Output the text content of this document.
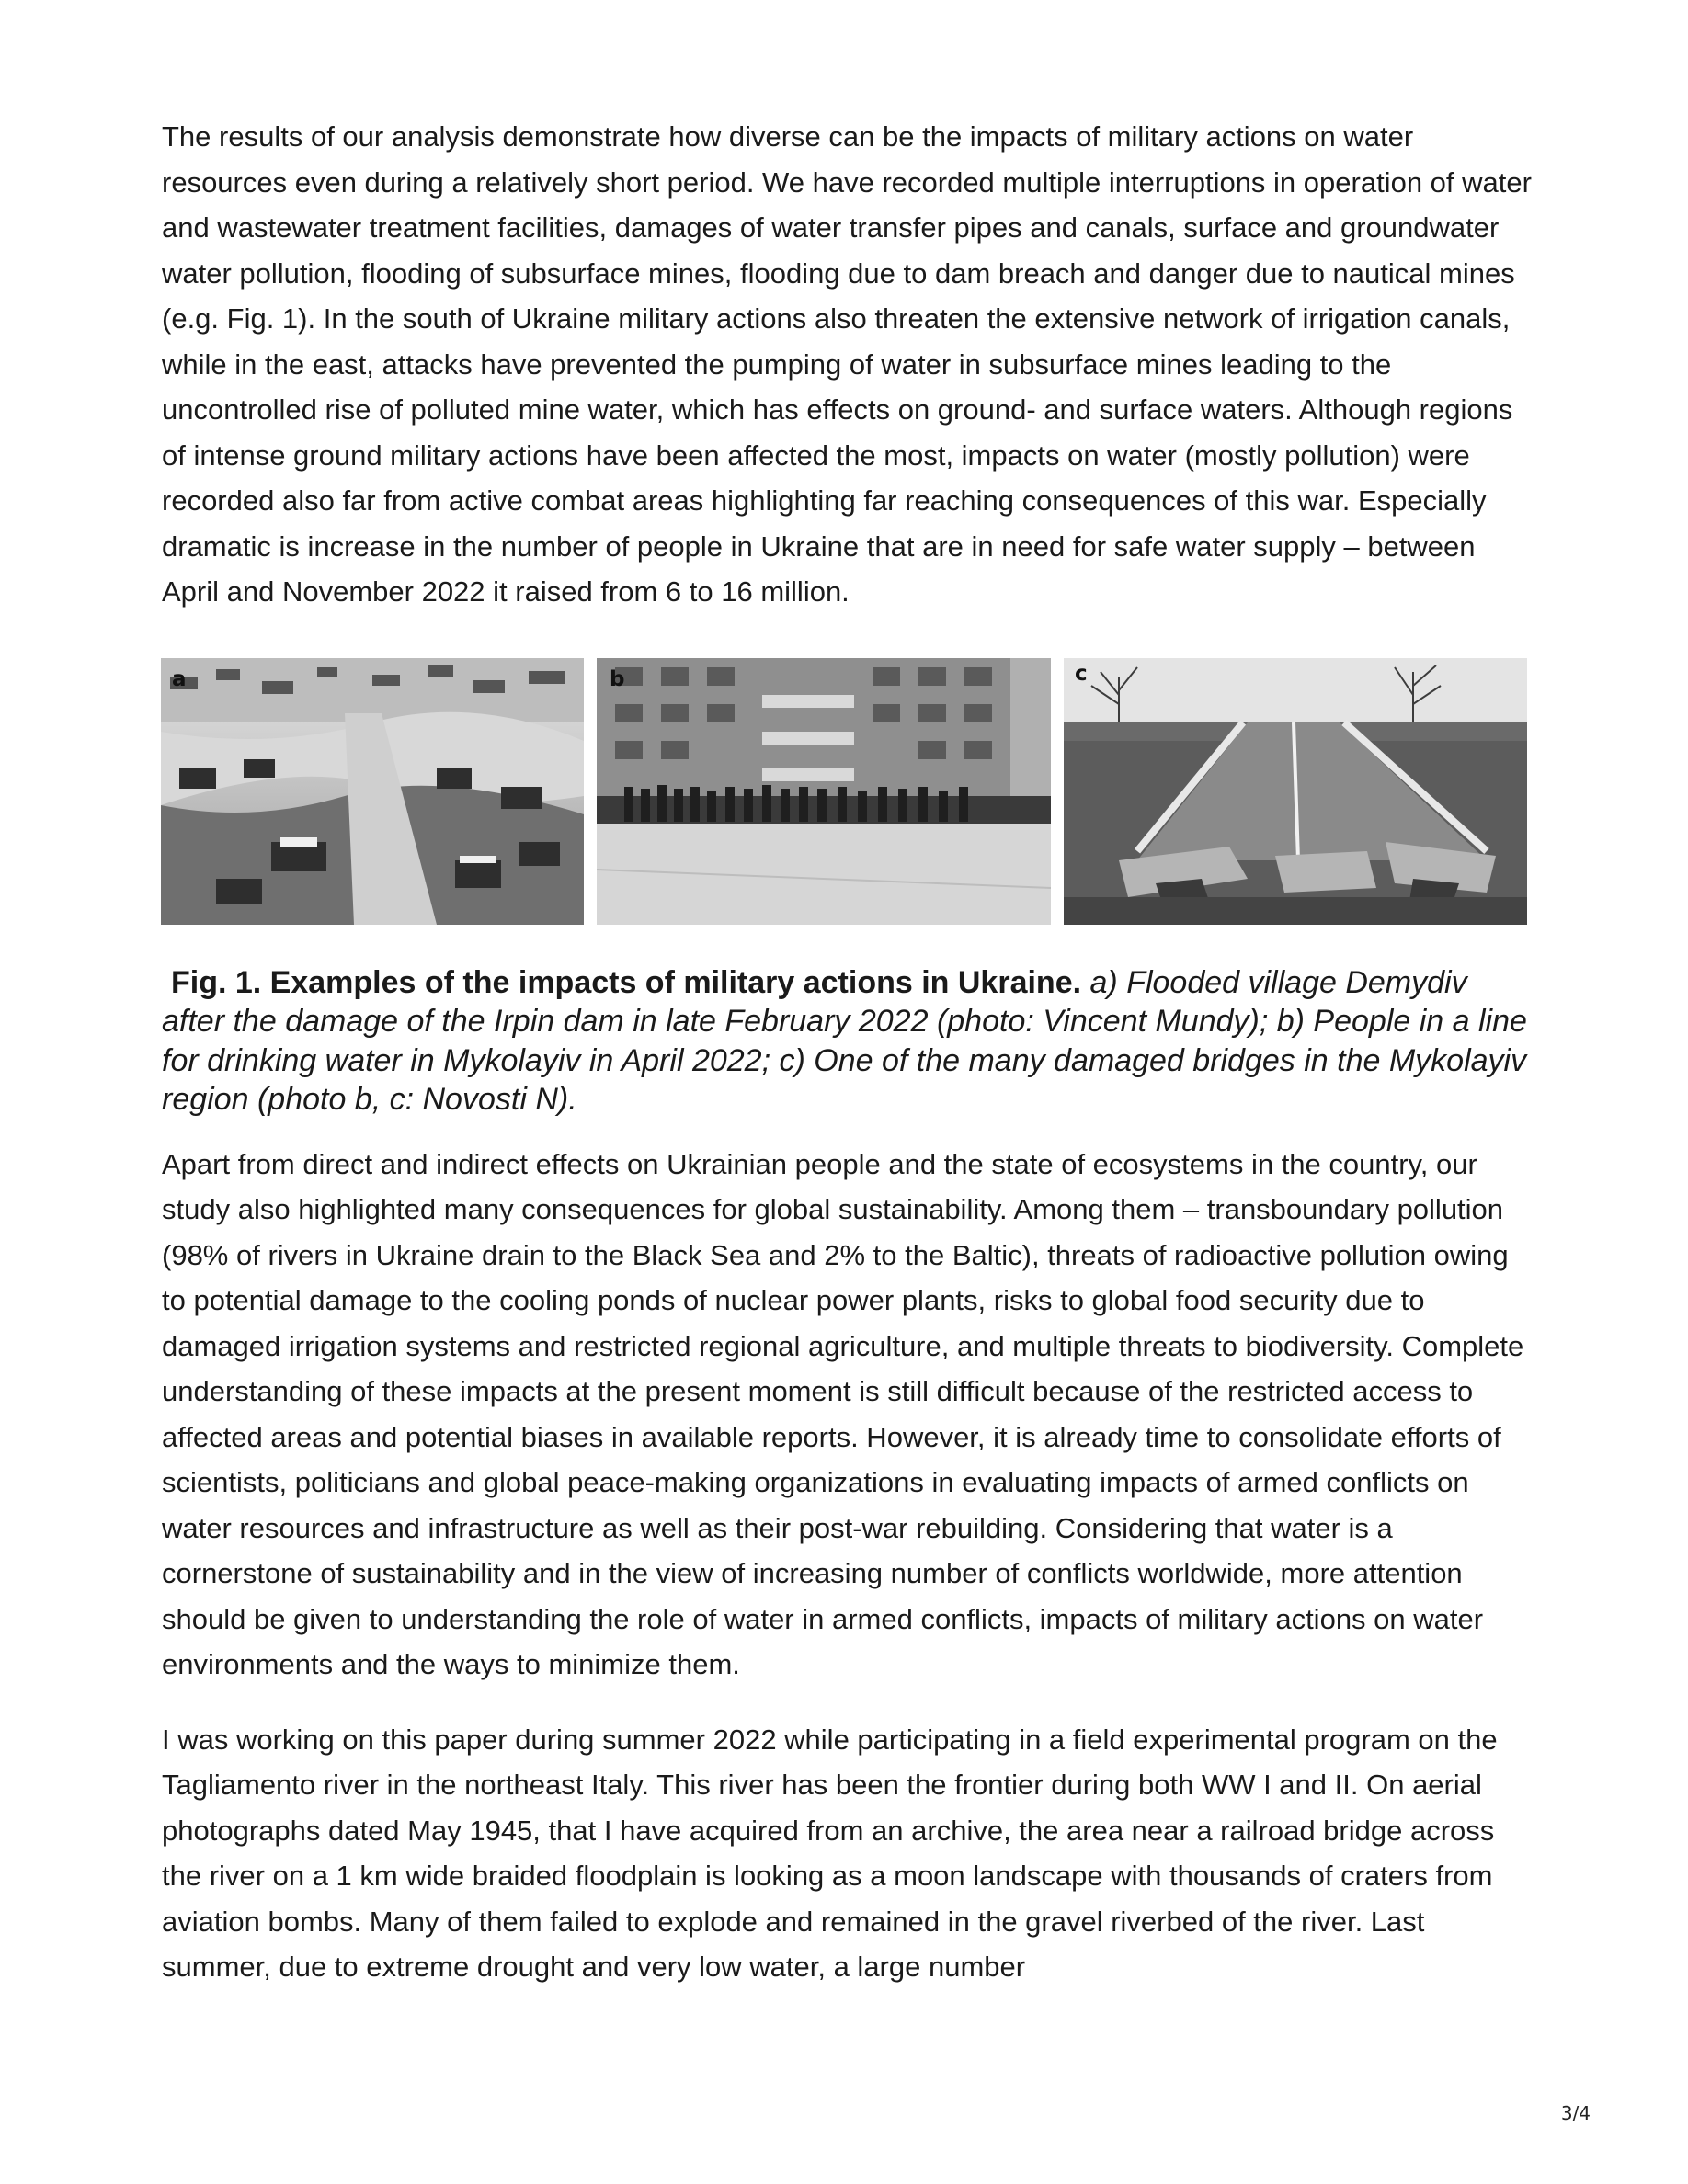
The results of our analysis demonstrate how diverse can be the impacts of military actions on water resources even during a relatively short period. We have recorded multiple interruptions in operation of water and wastewater treatment facilities, damages of water transfer pipes and canals, surface and groundwater water pollution, flooding of subsurface mines, flooding due to dam breach and danger due to nautical mines (e.g. Fig. 1). In the south of Ukraine military actions also threaten the extensive network of irrigation canals, while in the east, attacks have prevented the pumping of water in subsurface mines leading to the uncontrolled rise of polluted mine water, which has effects on ground- and surface waters. Although regions of intense ground military actions have been affected the most, impacts on water (mostly pollution) were recorded also far from active combat areas highlighting far reaching consequences of this war. Especially dramatic is increase in the number of people in Ukraine that are in need for safe water supply – between April and November 2022 it raised from 6 to 16 million.

a	b	c

Fig. 1. Examples of the impacts of military actions in Ukraine. a) Flooded village Demydiv after the damage of the Irpin dam in late February 2022 (photo: Vincent Mundy); b) People in a line for drinking water in Mykolayiv in April 2022; c) One of the many damaged bridges in the Mykolayiv region (photo b, c: Novosti N).

Apart from direct and indirect effects on Ukrainian people and the state of ecosystems in the country, our study also highlighted many consequences for global sustainability. Among them – transboundary pollution (98% of rivers in Ukraine drain to the Black Sea and 2% to the Baltic), threats of radioactive pollution owing to potential damage to the cooling ponds of nuclear power plants, risks to global food security due to damaged irrigation systems and restricted regional agriculture, and multiple threats to biodiversity. Complete understanding of these impacts at the present moment is still difficult because of the restricted access to affected areas and potential biases in available reports. However, it is already time to consolidate efforts of scientists, politicians and global peace-making organizations in evaluating impacts of armed conflicts on water resources and infrastructure as well as their post-war rebuilding. Considering that water is a cornerstone of sustainability and in the view of increasing number of conflicts worldwide, more attention should be given to understanding the role of water in armed conflicts, impacts of military actions on water environments and the ways to minimize them.

I was working on this paper during summer 2022 while participating in a field experimental program on the Tagliamento river in the northeast Italy. This river has been the frontier during both WW I and II. On aerial photographs dated May 1945, that I have acquired from an archive, the area near a railroad bridge across the river on a 1 km wide braided floodplain is looking as a moon landscape with thousands of craters from aviation bombs. Many of them failed to explode and remained in the gravel riverbed of the river. Last summer, due to extreme drought and very low water, a large number

3/4
